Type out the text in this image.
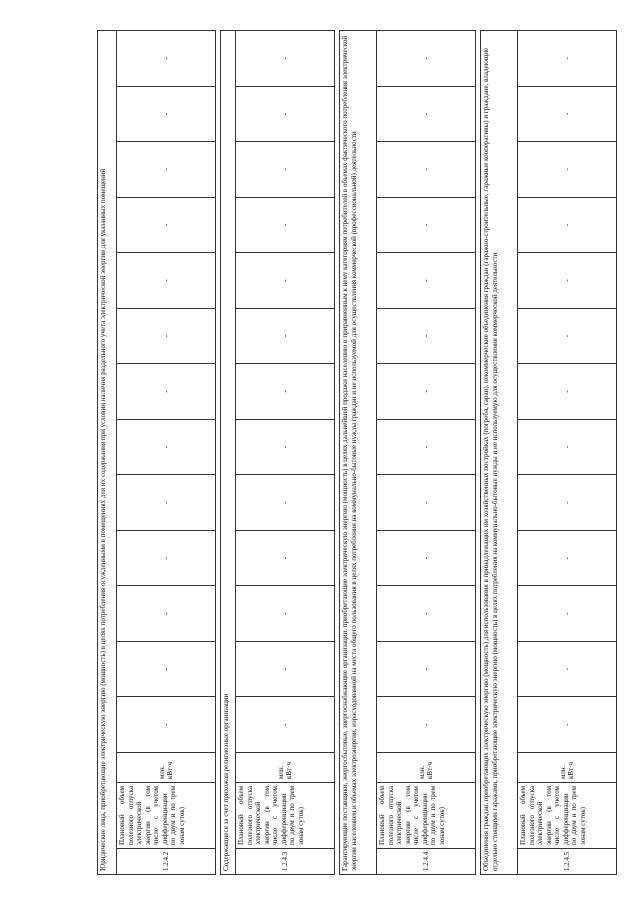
Юридические лица, приобретающие электрическую энергию (мощность) в целях потребления осужденными в помещениях для их содержания при условии наличия раздельного учета электрической энергии для указанных помещений															
1.2.4.2	Плановый объем полезного отпуска электрической энергии (в том числе с учетом дифференциации по двум и по трем зонам суток)	млн. кВт·ч	-	-	-	-	-	-	-	-	-	-	-	-	-

Содержащиеся за счет прихожан религиозные организации															
1.2.4.3	Плановый объем полезного отпуска электрической энергии (в том числе с учетом дифференциации по двум и по трем зонам суток)	млн. кВт·ч	-	-	-	-	-	-	-	-	-	-	-	-	-

Гарантирующие поставщики, энергосбытовые, энергоснабжающие организации, приобретающие электрическую энергию (мощность) в целях дальнейшей продажи населению и приравненным к нему категориям потребителей в объемах фактического потребления электрической энергии населением и объемах электроэнергии, израсходованной на места общего пользования в целях потребления на коммунально-бытовые нужды граждан и не используемой для осуществления коммерческой (профессиональной) деятельности															
1.2.4.4	Плановый объем полезного отпуска электрической энергии (в том числе с учетом дифференциации по двум и по трем зонам суток)	млн. кВт·ч	-	-	-	-	-	-	-	-	-	-	-	-	-

Объединения граждан, приобретающих электрическую энергию (мощность) для использования в принадлежащих им хозяйственных постройках (погреба, сараи), некоммерческие объединения граждан (гаражно-строительные, гаражные кооперативы) и граждане, владеющие отдельно стоящими гаражами, приобретающие электрическую энергию (мощность) в целях потребления на коммунально-бытовые нужды и не используемую для осуществления коммерческой деятельности															
1.2.4.5	Плановый объем полезного отпуска электрической энергии (в том числе с учетом дифференциации по двум и по трем зонам суток)	млн. кВт·ч	-	-	-	-	-	-	-	-	-	-	-	-	-
